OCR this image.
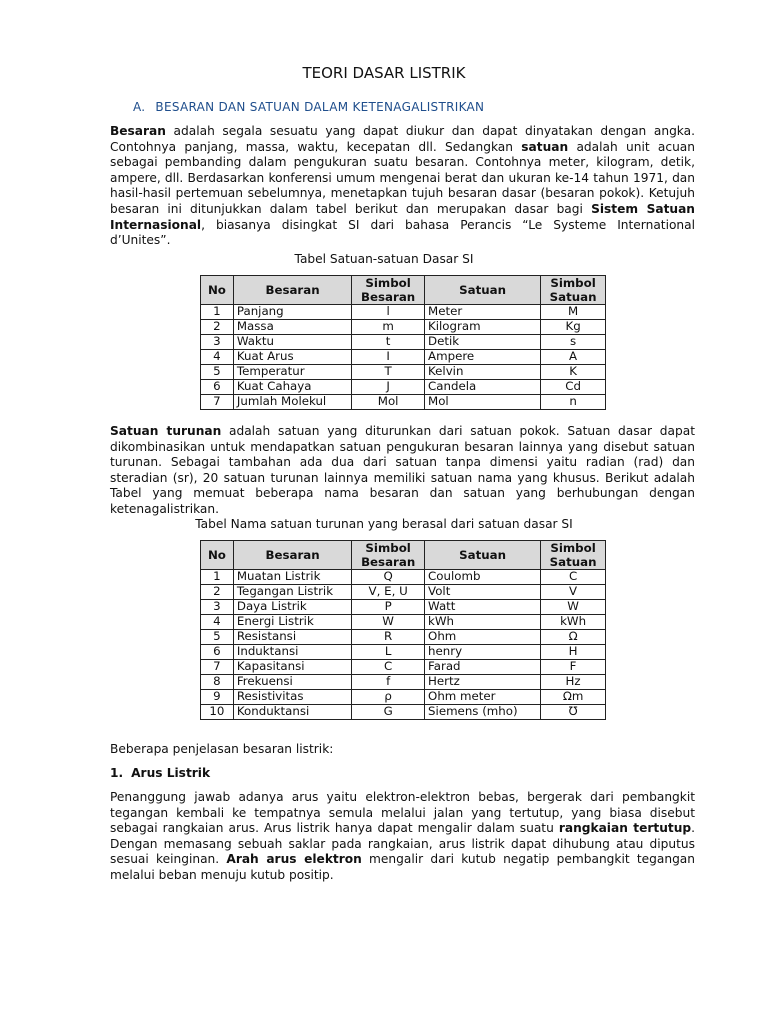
TEORI DASAR LISTRIK
A. BESARAN DAN SATUAN DALAM KETENAGALISTRIKAN

Besaran adalah segala sesuatu yang dapat diukur dan dapat dinyatakan dengan angka. Contohnya panjang, massa, waktu, kecepatan dll. Sedangkan satuan adalah unit acuan sebagai pembanding dalam pengukuran suatu besaran. Contohnya meter, kilogram, detik, ampere, dll. Berdasarkan konferensi umum mengenai berat dan ukuran ke-14 tahun 1971, dan hasil-hasil pertemuan sebelumnya, menetapkan tujuh besaran dasar (besaran pokok). Ketujuh besaran ini ditunjukkan dalam tabel berikut dan merupakan dasar bagi Sistem Satuan Internasional, biasanya disingkat SI dari bahasa Perancis “Le Systeme International d’Unites”.

Tabel Satuan-satuan Dasar SI

No	Besaran	Simbol Besaran	Satuan	Simbol Satuan
1	Panjang	l	Meter	M
2	Massa	m	Kilogram	Kg
3	Waktu	t	Detik	s
4	Kuat Arus	I	Ampere	A
5	Temperatur	T	Kelvin	K
6	Kuat Cahaya	J	Candela	Cd
7	Jumlah Molekul	Mol	Mol	n

Satuan turunan adalah satuan yang diturunkan dari satuan pokok. Satuan dasar dapat dikombinasikan untuk mendapatkan satuan pengukuran besaran lainnya yang disebut satuan turunan. Sebagai tambahan ada dua dari satuan tanpa dimensi yaitu radian (rad) dan steradian (sr), 20 satuan turunan lainnya memiliki satuan nama yang khusus. Berikut adalah Tabel yang memuat beberapa nama besaran dan satuan yang berhubungan dengan ketenagalistrikan.

Tabel Nama satuan turunan yang berasal dari satuan dasar SI

No	Besaran	Simbol Besaran	Satuan	Simbol Satuan
1	Muatan Listrik	Q	Coulomb	C
2	Tegangan Listrik	V, E, U	Volt	V
3	Daya Listrik	P	Watt	W
4	Energi Listrik	W	kWh	kWh
5	Resistansi	R	Ohm	Ω
6	Induktansi	L	henry	H
7	Kapasitansi	C	Farad	F
8	Frekuensi	f	Hertz	Hz
9	Resistivitas	ρ	Ohm meter	Ωm
10	Konduktansi	G	Siemens (mho)	℧

Beberapa penjelasan besaran listrik:

1. Arus Listrik

Penanggung jawab adanya arus yaitu elektron-elektron bebas, bergerak dari pembangkit tegangan kembali ke tempatnya semula melalui jalan yang tertutup, yang biasa disebut sebagai rangkaian arus. Arus listrik hanya dapat mengalir dalam suatu rangkaian tertutup. Dengan memasang sebuah saklar pada rangkaian, arus listrik dapat dihubung atau diputus sesuai keinginan. Arah arus elektron mengalir dari kutub negatip pembangkit tegangan melalui beban menuju kutub positip.
